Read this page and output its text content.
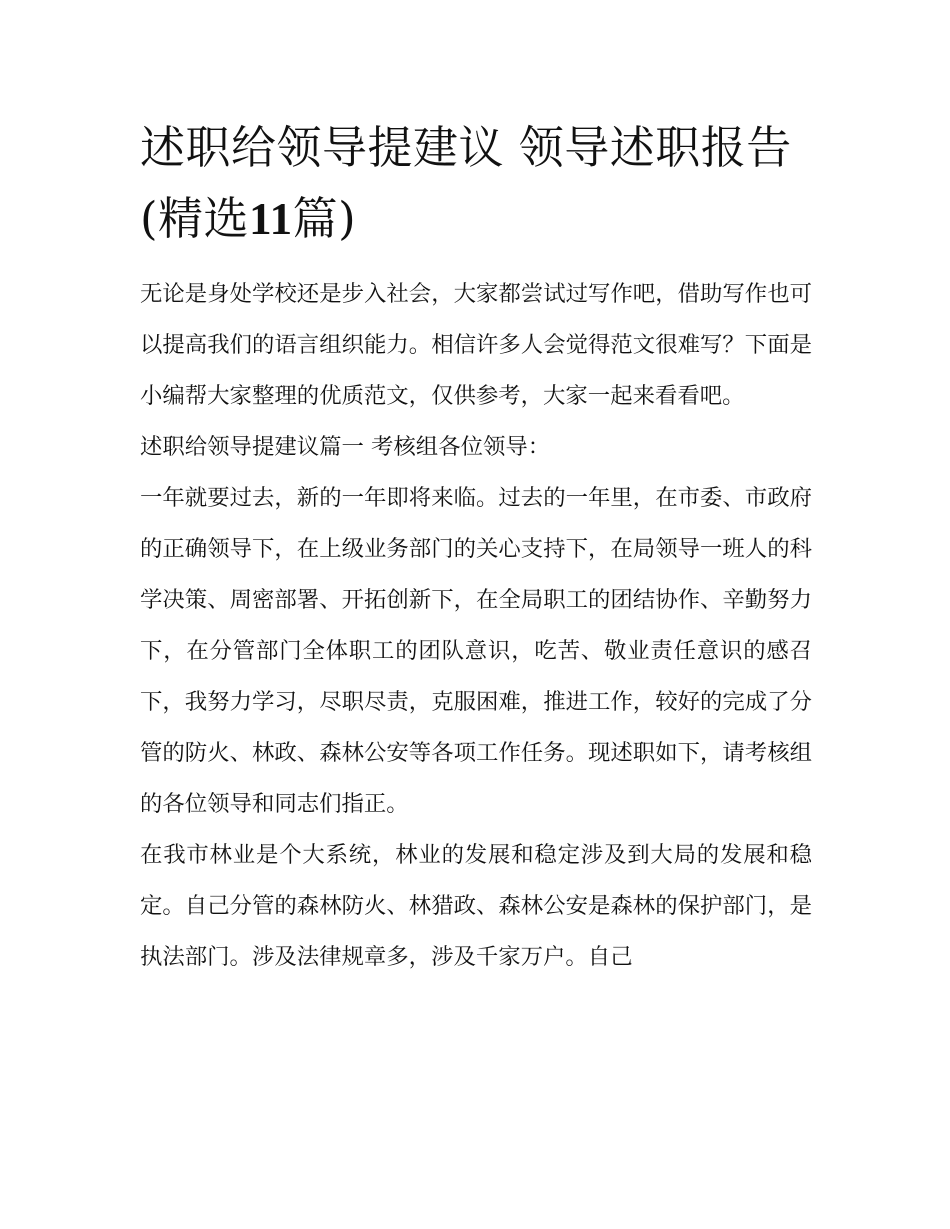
述职给领导提建议 领导述职报告(精选11篇)

无论是身处学校还是步入社会，大家都尝试过写作吧，借助写作也可以提高我们的语言组织能力。相信许多人会觉得范文很难写？下面是小编帮大家整理的优质范文，仅供参考，大家一起来看看吧。

述职给领导提建议篇一 考核组各位领导：

一年就要过去，新的一年即将来临。过去的一年里，在市委、市政府的正确领导下，在上级业务部门的关心支持下，在局领导一班人的科学决策、周密部署、开拓创新下，在全局职工的团结协作、辛勤努力下，在分管部门全体职工的团队意识，吃苦、敬业责任意识的感召下，我努力学习，尽职尽责，克服困难，推进工作，较好的完成了分管的防火、林政、森林公安等各项工作任务。现述职如下，请考核组的各位领导和同志们指正。

在我市林业是个大系统，林业的发展和稳定涉及到大局的发展和稳定。自己分管的森林防火、林猎政、森林公安是森林的保护部门，是执法部门。涉及法律规章多，涉及千家万户。自己
